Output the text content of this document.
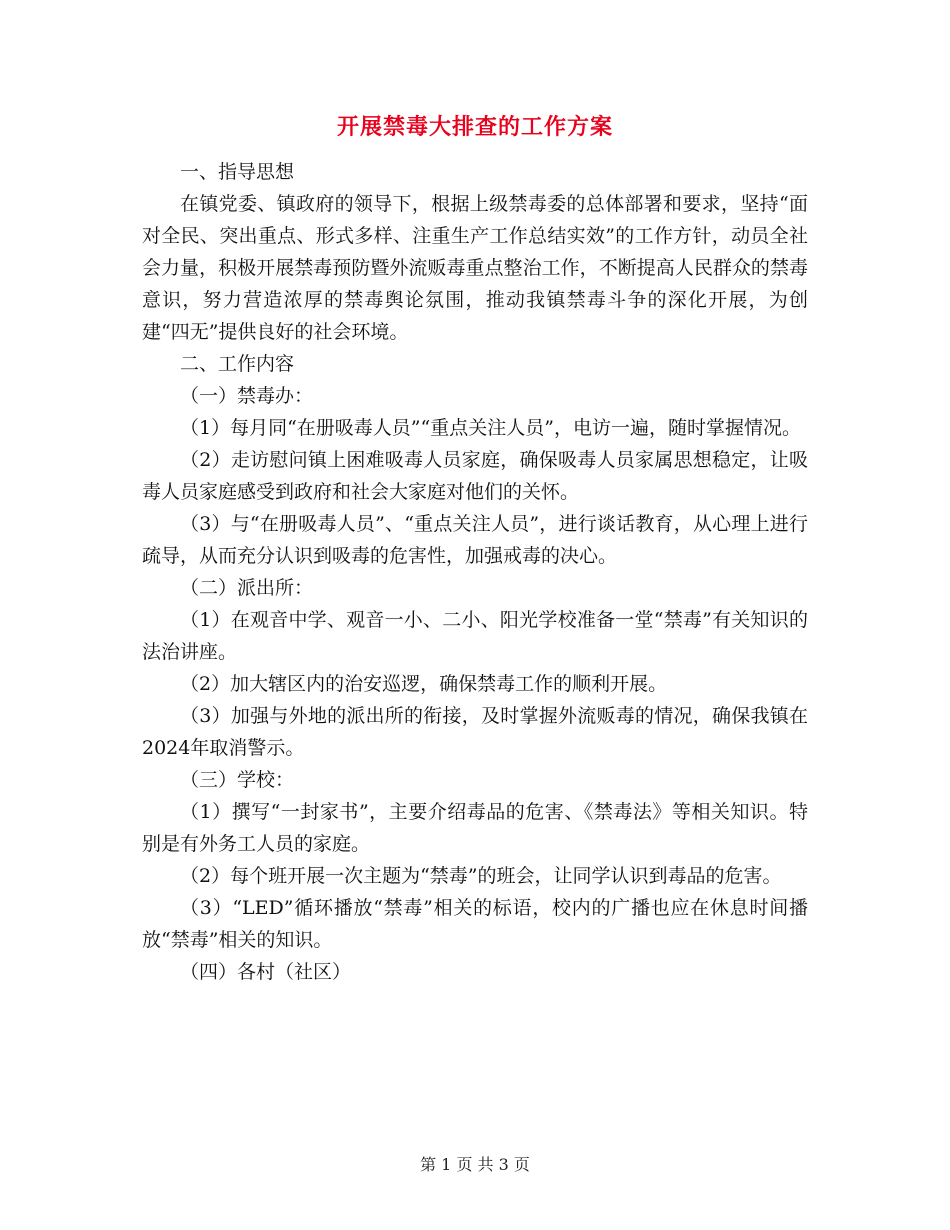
开展禁毒大排查的工作方案

一、指导思想

在镇党委、镇政府的领导下，根据上级禁毒委的总体部署和要求，坚持“面对全民、突出重点、形式多样、注重生产工作总结实效”的工作方针，动员全社会力量，积极开展禁毒预防暨外流贩毒重点整治工作，不断提高人民群众的禁毒意识，努力营造浓厚的禁毒舆论氛围，推动我镇禁毒斗争的深化开展，为创建“四无”提供良好的社会环境。

二、工作内容

（一）禁毒办：

（1）每月同“在册吸毒人员”“重点关注人员”，电访一遍，随时掌握情况。

（2）走访慰问镇上困难吸毒人员家庭，确保吸毒人员家属思想稳定，让吸毒人员家庭感受到政府和社会大家庭对他们的关怀。

（3）与“在册吸毒人员”、“重点关注人员”，进行谈话教育，从心理上进行疏导，从而充分认识到吸毒的危害性，加强戒毒的决心。

（二）派出所：

（1）在观音中学、观音一小、二小、阳光学校准备一堂“禁毒”有关知识的法治讲座。

（2）加大辖区内的治安巡逻，确保禁毒工作的顺利开展。

（3）加强与外地的派出所的衔接，及时掌握外流贩毒的情况，确保我镇在2024年取消警示。

（三）学校：

（1）撰写“一封家书”，主要介绍毒品的危害、《禁毒法》等相关知识。特别是有外务工人员的家庭。

（2）每个班开展一次主题为“禁毒”的班会，让同学认识到毒品的危害。

（3）“LED”循环播放“禁毒”相关的标语，校内的广播也应在休息时间播放“禁毒”相关的知识。

（四）各村（社区）

第 1 页 共 3 页
